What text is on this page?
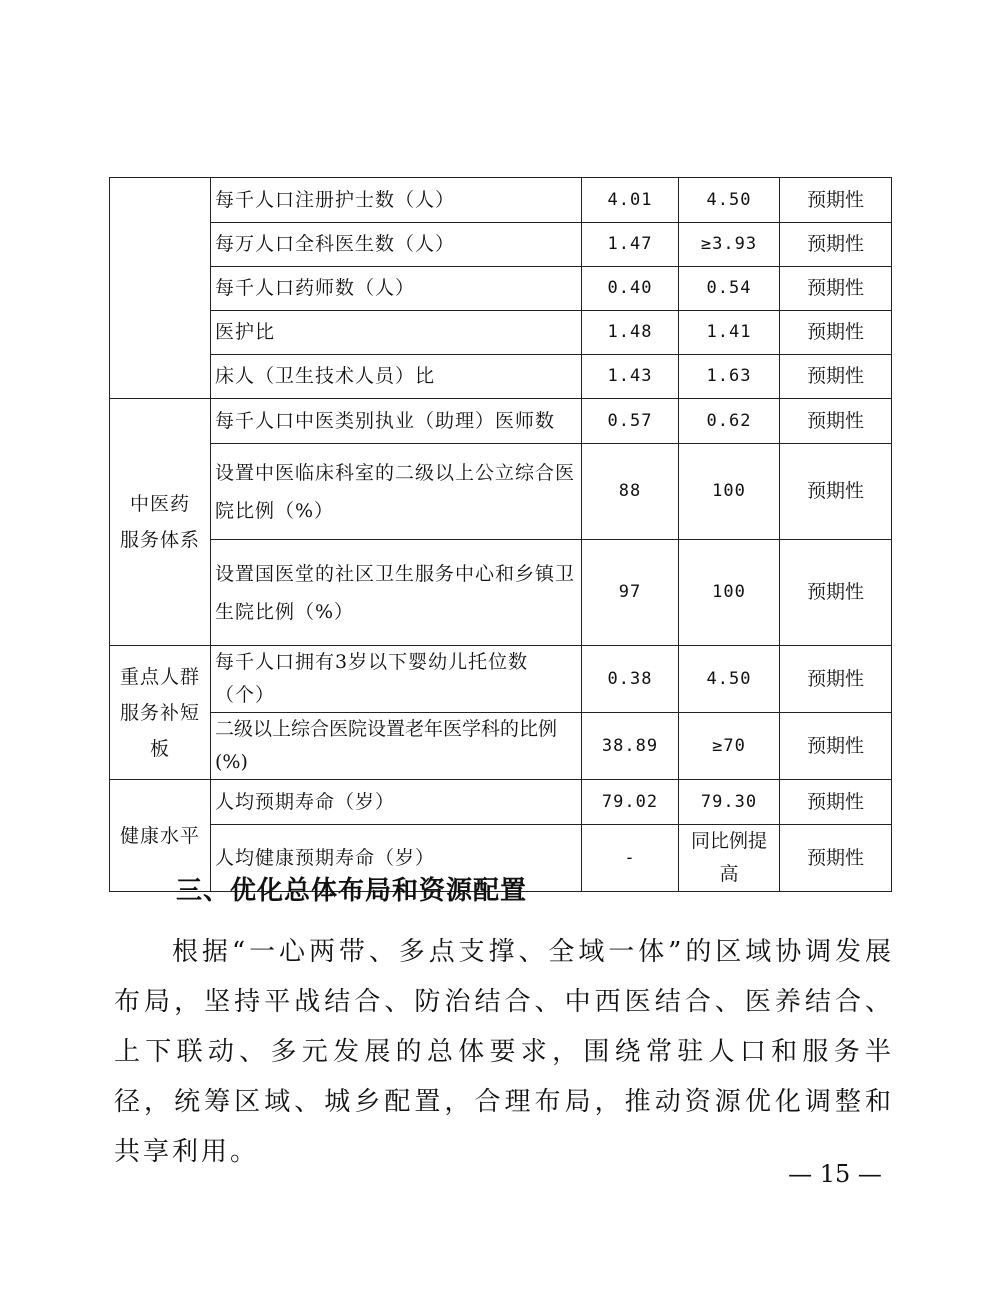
	每千人口注册护士数（人）	4.01	4.50	预期性
	每万人口全科医生数（人）	1.47	≥3.93	预期性
	每千人口药师数（人）	0.40	0.54	预期性
	医护比	1.48	1.41	预期性
	床人（卫生技术人员）比	1.43	1.63	预期性

中医药
服务体系	每千人口中医类别执业（助理）医师数	0.57	0.62	预期性
	设置中医临床科室的二级以上公立综合医院比例（%）	88	100	预期性
	设置国医堂的社区卫生服务中心和乡镇卫生院比例（%）	97	100	预期性

重点人群
服务补短板	每千人口拥有3岁以下婴幼儿托位数（个）	0.38	4.50	预期性
	二级以上综合医院设置老年医学科的比例(%)	38.89	≥70	预期性

健康水平	人均预期寿命（岁）	79.02	79.30	预期性
	人均健康预期寿命（岁）	-	同比例提高	预期性
三、优化总体布局和资源配置

根据“一心两带、多点支撑、全域一体”的区域协调发展布局，坚持平战结合、防治结合、中西医结合、医养结合、上下联动、多元发展的总体要求，围绕常驻人口和服务半径，统筹区域、城乡配置，合理布局，推动资源优化调整和共享利用。

— 15 —
